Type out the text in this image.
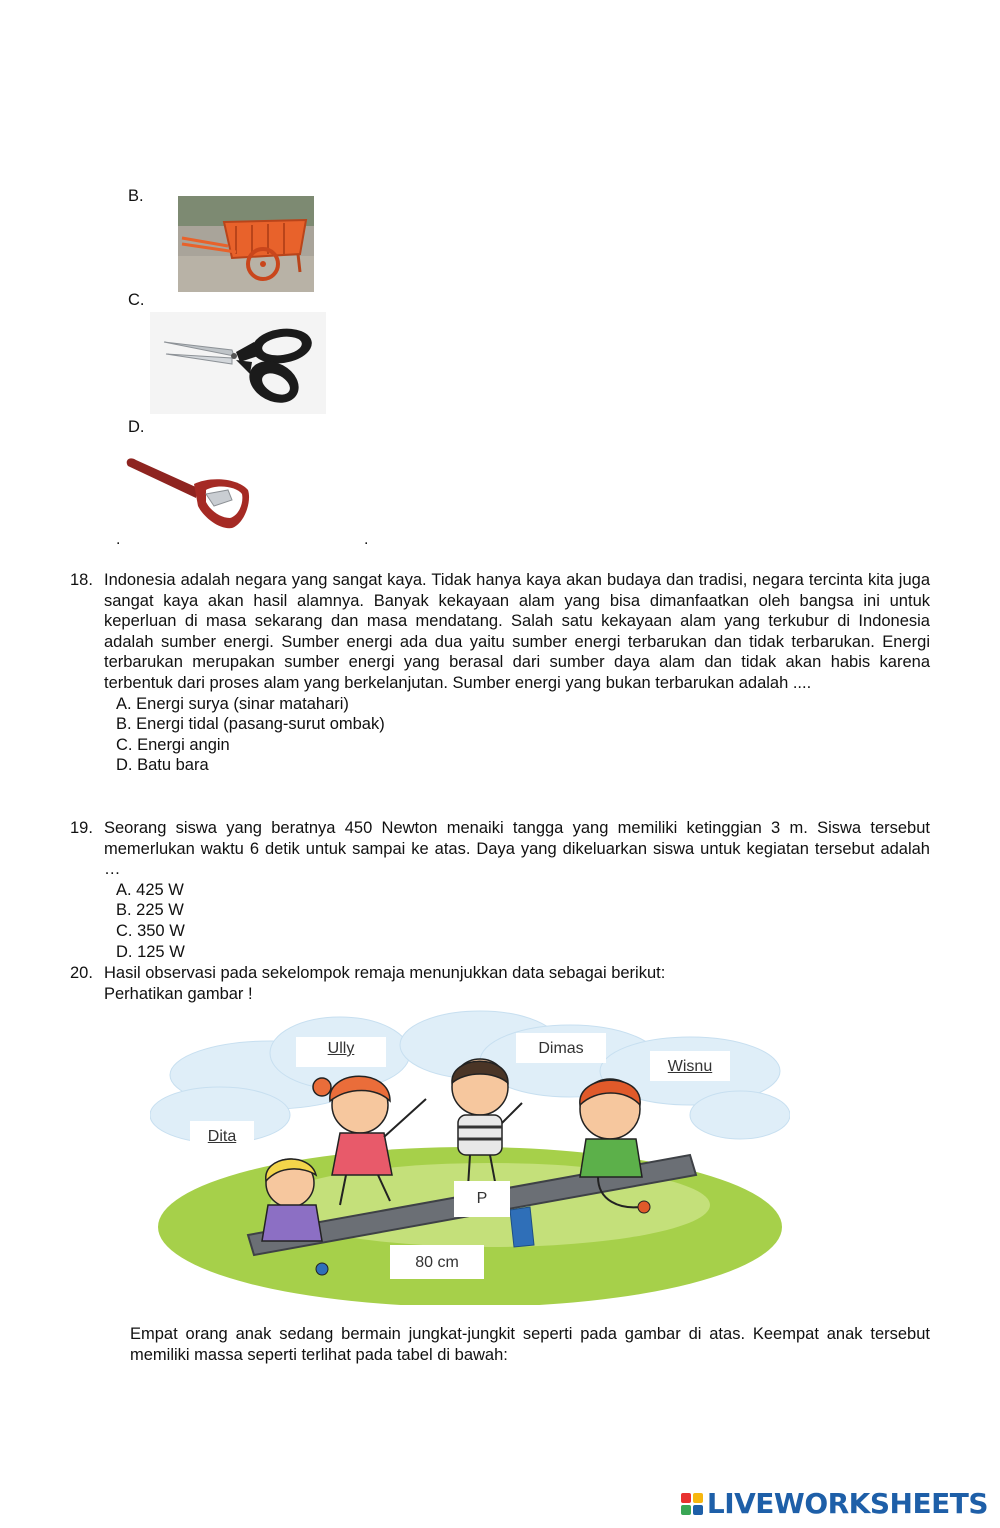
B.
C.
D.
.	.
18. Indonesia adalah negara yang sangat kaya. Tidak hanya kaya akan budaya dan tradisi, negara tercinta kita juga sangat kaya akan hasil alamnya. Banyak kekayaan alam yang bisa dimanfaatkan oleh bangsa ini untuk keperluan di masa sekarang dan masa mendatang. Salah satu kekayaan alam yang terkubur di Indonesia adalah sumber energi. Sumber energi ada dua yaitu sumber energi terbarukan dan tidak terbarukan. Energi terbarukan merupakan sumber energi yang berasal dari sumber daya alam dan tidak akan habis karena terbentuk dari proses alam yang berkelanjutan. Sumber energi yang bukan terbarukan adalah ....
A. Energi surya (sinar matahari)
B. Energi tidal (pasang-surut ombak)
C. Energi angin
D. Batu bara
19. Seorang siswa yang beratnya 450 Newton menaiki tangga yang memiliki ketinggian 3 m. Siswa tersebut memerlukan waktu 6 detik untuk sampai ke atas. Daya yang dikeluarkan siswa untuk kegiatan tersebut adalah …
A. 425 W
B. 225 W
C. 350 W
D. 125 W
20. Hasil observasi pada sekelompok remaja menunjukkan data sebagai berikut:
Perhatikan gambar !
Ully	Dimas
Wisnu
Dita
P
80 cm
Empat orang anak sedang bermain jungkat-jungkit seperti pada gambar di atas. Keempat anak tersebut memiliki massa seperti terlihat pada tabel di bawah:
LIVEWORKSHEETS
